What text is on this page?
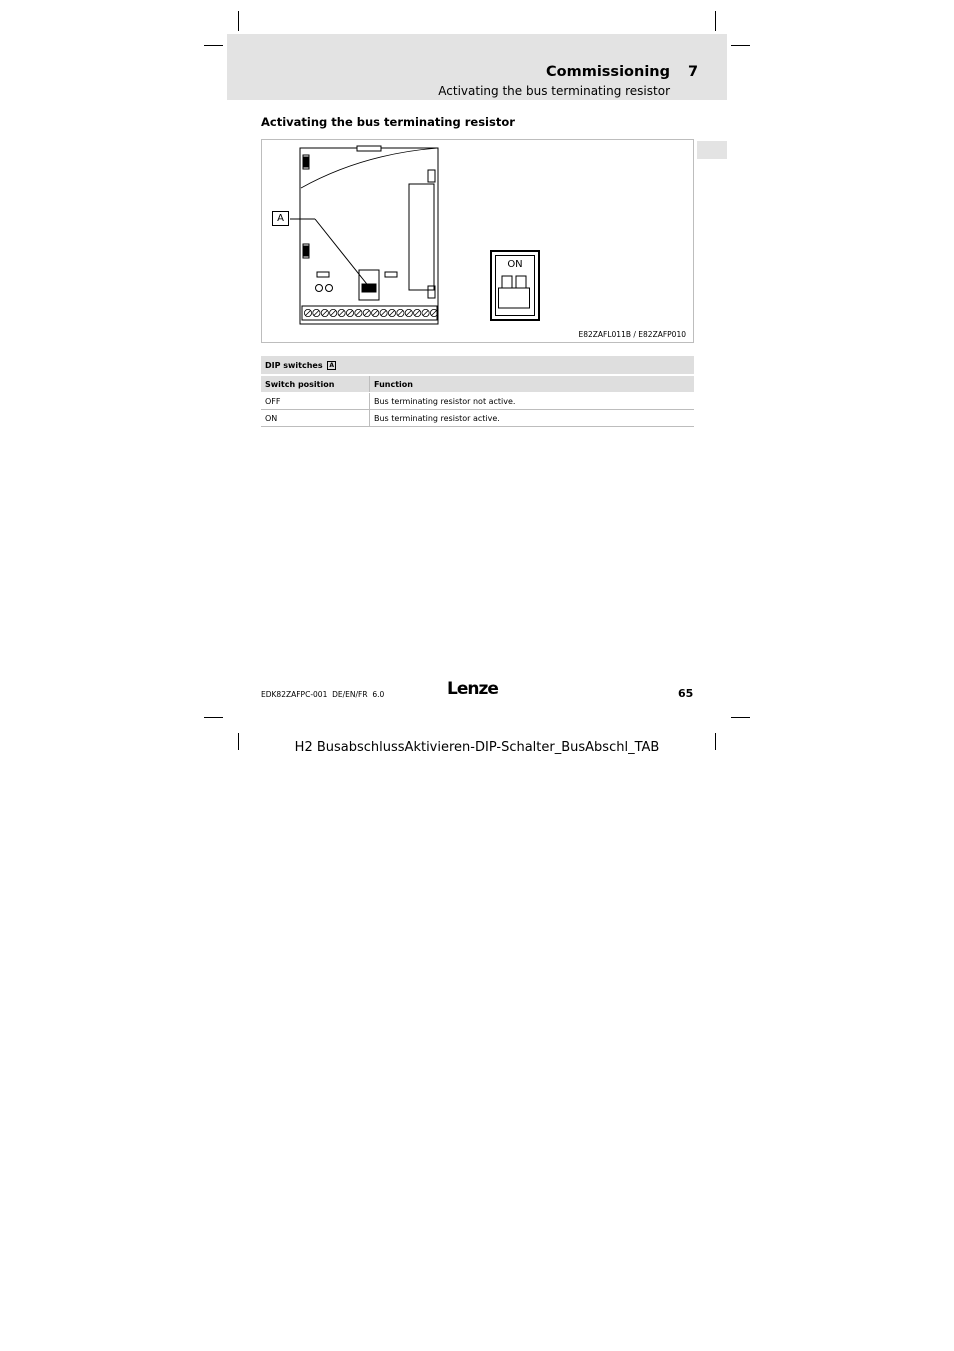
Commissioning 7
Activating the bus terminating resistor
Activating the bus terminating resistor
A
ON
E82ZAFL011B / E82ZAFP010
DIP switches A	
Switch position	Function
OFF	Bus terminating resistor not active.
ON	Bus terminating resistor active.
EDK82ZAFPC-001  DE/EN/FR  6.0	Lenze	65
H2 BusabschlussAktivieren-DIP-Schalter_BusAbschl_TAB
